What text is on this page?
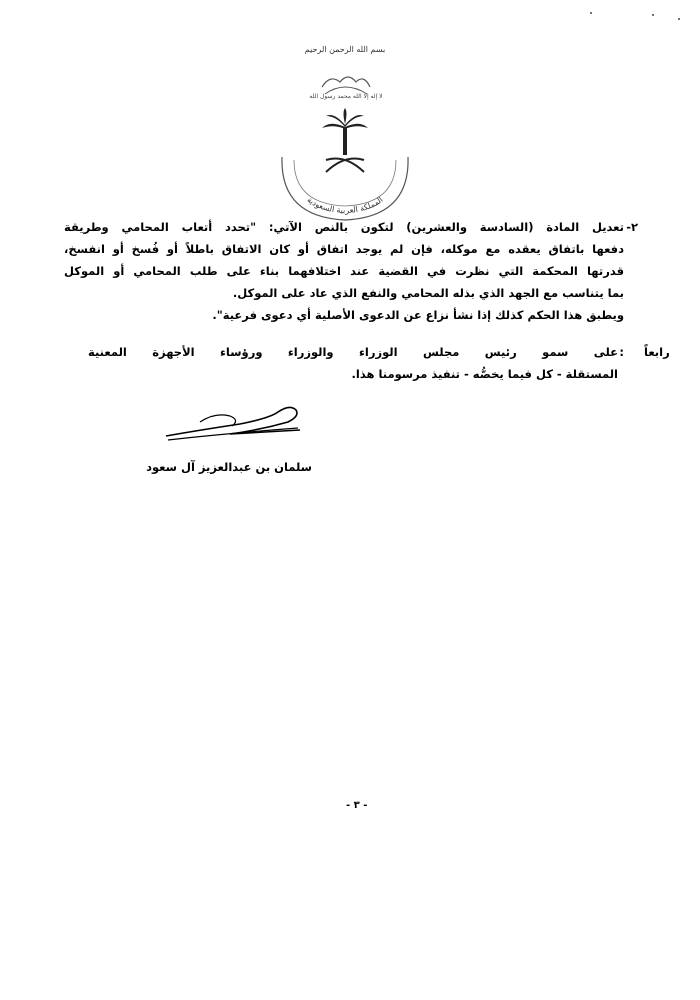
بسم الله الرحمن الرحيم
لا إله إلا الله محمد رسول الله
المملكة العربية السعودية
٢-
تعديل المادة (السادسة والعشرين) لتكون بالنص الآتي: "تحدد أتعاب المحامي وطريقة
دفعها باتفاق يعقده مع موكله، فإن لم يوجد اتفاق أو كان الاتفاق باطلاً أو فُسخ أو انفسخ،
قدرتها المحكمة التي نظرت في القضية عند اختلافهما بناء على طلب المحامي أو الموكل
بما يتناسب مع الجهد الذي بذله المحامي والنفع الذي عاد على الموكل.
ويطبق هذا الحكم كذلك إذا نشأ نزاع عن الدعوى الأصلية أي دعوى فرعية".
رابعاً
على سمو رئيس مجلس الوزراء والوزراء ورؤساء الأجهزة المعنية
المستقلة - كل فيما يخصُّه - تنفيذ مرسومنا هذا.
:
سلمان بن عبدالعزيز آل سعود
- ٣ -
